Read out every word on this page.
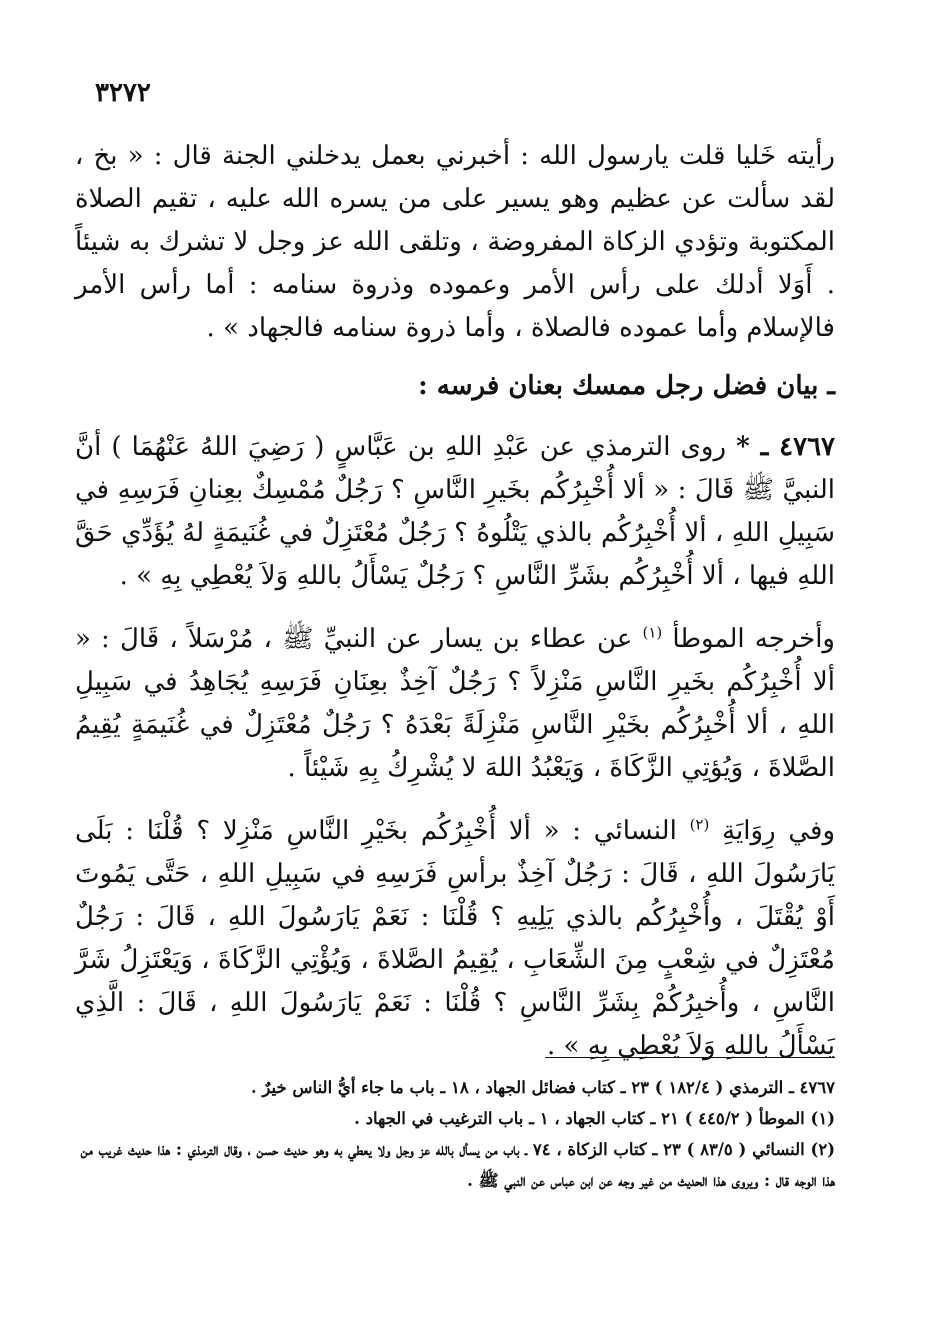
٣٢٧٢

رأيته خَليا قلت يارسول الله : أخبرني بعمل يدخلني الجنة قال : « بخ ، لقد سألت عن عظيم وهو يسير على من يسره الله عليه ، تقيم الصلاة المكتوبة وتؤدي الزكاة المفروضة ، وتلقى الله عز وجل لا تشرك به شيئاً . أَوَلا أدلك على رأس الأمر وعموده وذروة سنامه : أما رأس الأمر فالإسلام وأما عموده فالصلاة ، وأما ذروة سنامه فالجهاد » .

ـ بيان فضل رجل ممسك بعنان فرسه :

٤٧٦٧ ـ * روى الترمذي عن عَبْدِ اللهِ بن عَبَّاسٍ ( رَضِيَ اللهُ عَنْهُمَا ) أنَّ النبيَّ ﷺ قَالَ : « ألا أُخْبِرُكُم بخَيرِ النَّاسِ ؟ رَجُلٌ مُمْسِكٌ بعِنانِ فَرَسِهِ في سَبِيلِ اللهِ ، ألا أُخْبِرُكُم بالذي يَتْلُوهُ ؟ رَجُلٌ مُعْتَزِلٌ في غُنَيمَةٍ لهُ يُؤَدِّي حَقَّ اللهِ فيها ، ألا أُخْبِرُكُم بشَرِّ النَّاسِ ؟ رَجُلٌ يَسْأَلُ باللهِ وَلاَ يُعْطِي بِهِ » .

وأخرجه الموطأ $^{(١)}$ عن عطاء بن يسار عن النبيِّ ﷺ ، مُرْسَلاً ، قَالَ : « ألا أُخْبِرُكُم بخَيرِ النَّاسِ مَنْزِلاً ؟ رَجُلٌ آخِذٌ بعِنَانِ فَرَسِهِ يُجَاهِدُ في سَبِيلِ اللهِ ، ألا أُخْبِرُكُم بخَيْرِ النَّاسِ مَنْزِلَةً بَعْدَهُ ؟ رَجُلٌ مُعْتَزِلٌ في غُنَيمَةٍ يُقِيمُ الصَّلاةَ ، وَيُؤتِي الزَّكَاةَ ، وَيَعْبُدُ اللهَ لا يُشْرِكُ بِهِ شَيْئاً .

وفي رِوَايَةِ $^{(٢)}$ النسائي : « ألا أُخْبِرُكُم بخَيْرِ النَّاسِ مَنْزِلا ؟ قُلْنَا : بَلَى يَارَسُولَ اللهِ ، قَالَ : رَجُلٌ آخِذٌ برأسِ فَرَسِهِ في سَبِيلِ اللهِ ، حَتَّى يَمُوتَ أَوْ يُقْتَلَ ، وأُخْبِرُكُم بالذي يَلِيهِ ؟ قُلْنَا : نَعَمْ يَارَسُولَ اللهِ ، قَالَ : رَجُلٌ مُعْتَزِلٌ في شِعْبٍ مِنَ الشِّعَابِ ، يُقِيمُ الصَّلاةَ ، وَيُؤْتِي الزَّكَاةَ ، وَيَعْتَزِلُ شَرَّ النَّاسِ ، وأُخبِرُكُمْ بِشَرِّ النَّاسِ ؟ قُلْنَا : نَعَمْ يَارَسُولَ اللهِ ، قَالَ : الَّذِي يَسْأَلُ باللهِ وَلاَ يُعْطِي بِهِ » .

٤٧٦٧ ـ الترمذي ( ١٨٢/٤ ) ٢٣ ـ كتاب فضائل الجهاد ، ١٨ ـ باب ما جاء أيُّ الناس خيرٌ .

(١) الموطأ ( ٤٤٥/٢ ) ٢١ ـ كتاب الجهاد ، ١ ـ باب الترغيب في الجهاد .

(٢) النسائي ( ٨٣/٥ ) ٢٣ ـ كتاب الزكاة ، ٧٤ ـ باب من يسأل بالله عز وجل ولا يعطي به وهو حديث حسن ، وقال الترمذي : هذا حديث غريب من هذا الوجه قال : ويروى هذا الحديث من غير وجه عن ابن عباس عن النبي ﷺ .
